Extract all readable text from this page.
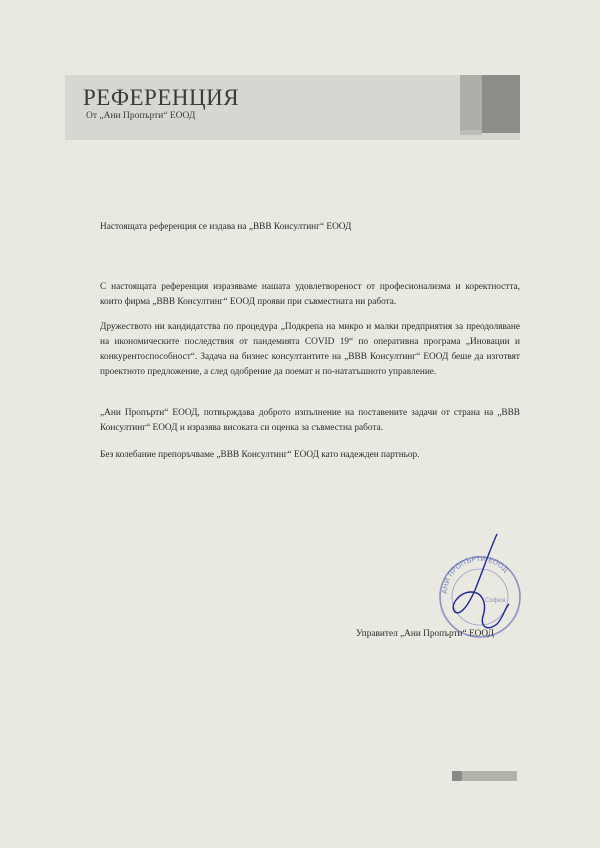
РЕФЕРЕНЦИЯ
От „Ани Пропърти“ ЕООД
Настоящата референция се издава на „ВВВ Консултинг“ ЕООД
С настоящата референция изразяваме нашата удовлетвореност от професионализма и коректността, които фирма „ВВВ Консултинг“ ЕООД прояви при съвместната ни работа.
Дружеството ни кандидатства по процедура „Подкрепа на микро и малки предприятия за преодоляване на икономическите последствия от пандемията COVID 19“ по оперативна програма „Иновации и конкурентоспособност“. Задача на бизнес консултантите на „ВВВ Консултинг“ ЕООД беше да изготвят проектното предложение, а след одобрение да поемат и по-нататъшното управление.
„Ани Пропърти“ ЕООД, потвърждава доброто изпълнение на поставените задачи от страна на „ВВВ Консултинг“ ЕООД и изразява високата си оценка за съвместна работа.
Без колебание препоръчваме „ВВВ Консултинг“ ЕООД като надежден партньор.
Управител „Ани Пропърти“ ЕООД
АНИ ПРОПЪРТИ ЕООД
София
